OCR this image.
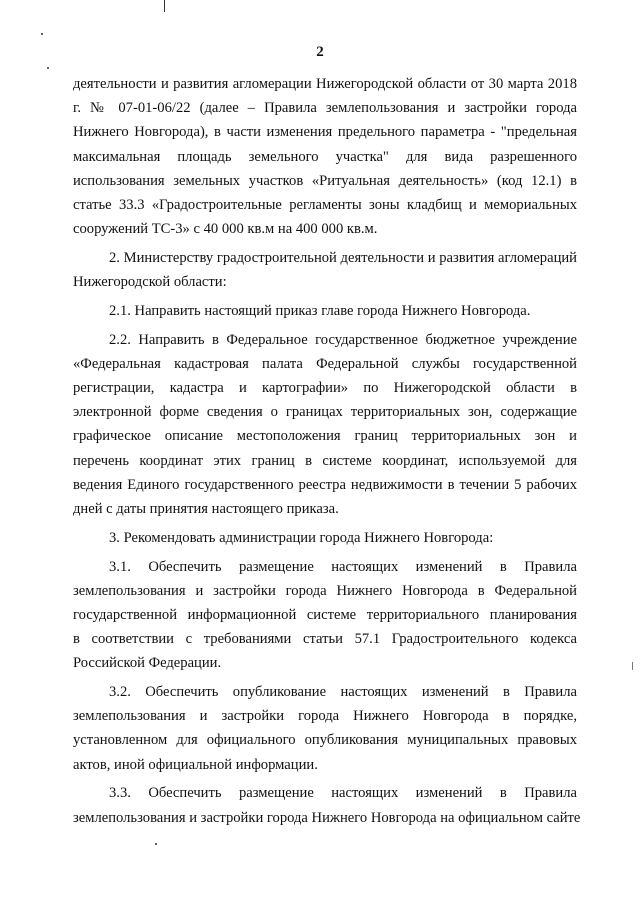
2
деятельности и развития агломерации Нижегородской области от 30 марта 2018
г. № 07-01-06/22 (далее – Правила землепользования и застройки города
Нижнего Новгорода), в части изменения предельного параметра - "предельная
максимальная площадь земельного участка" для вида разрешенного
использования земельных участков «Ритуальная деятельность» (код 12.1) в
статье 33.3 «Градостроительные регламенты зоны кладбищ и мемориальных
сооружений ТС-3» с 40 000 кв.м на 400 000 кв.м.
2. Министерству градостроительной деятельности и развития агломераций
Нижегородской области:
2.1. Направить настоящий приказ главе города Нижнего Новгорода.
2.2. Направить в Федеральное государственное бюджетное учреждение
«Федеральная кадастровая палата Федеральной службы государственной
регистрации, кадастра и картографии» по Нижегородской области в
электронной форме сведения о границах территориальных зон, содержащие
графическое описание местоположения границ территориальных зон и
перечень координат этих границ в системе координат, используемой для
ведения Единого государственного реестра недвижимости в течении 5 рабочих
дней с даты принятия настоящего приказа.
3. Рекомендовать администрации города Нижнего Новгорода:
3.1. Обеспечить размещение настоящих изменений в Правила
землепользования и застройки города Нижнего Новгорода в Федеральной
государственной информационной системе территориального планирования
в соответствии с требованиями статьи 57.1 Градостроительного кодекса
Российской Федерации.
3.2. Обеспечить опубликование настоящих изменений в Правила
землепользования и застройки города Нижнего Новгорода в порядке,
установленном для официального опубликования муниципальных правовых
актов, иной официальной информации.
3.3. Обеспечить размещение настоящих изменений в Правила
землепользования и застройки города Нижнего Новгорода на официальном сайте
